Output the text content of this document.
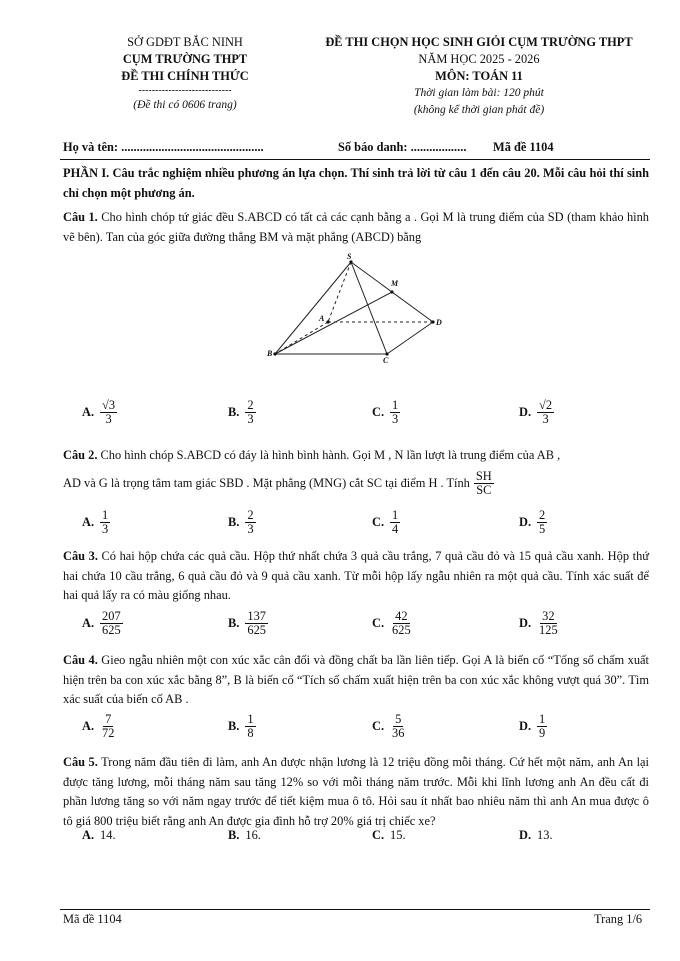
SỞ GDĐT BẮC NINH
CỤM TRƯỜNG THPT
ĐỀ THI CHÍNH THỨC
----------------------------
(Đề thi có 0606 trang)
ĐỀ THI CHỌN HỌC SINH GIỎI CỤM TRƯỜNG THPT
NĂM HỌC 2025 - 2026
MÔN: TOÁN 11
Thời gian làm bài: 120 phút
(không kể thời gian phát đề)
Họ và tên: ..............................................	Số báo danh: .................. Mã đề 1104
PHẦN I. Câu trắc nghiệm nhiều phương án lựa chọn. Thí sinh trả lời từ câu 1 đến câu 20. Mỗi câu hỏi thí sinh chỉ chọn một phương án.
Câu 1. Cho hình chóp tứ giác đều S.ABCD có tất cả các cạnh bằng a . Gọi M là trung điểm của SD (tham khảo hình vẽ bên). Tan của góc giữa đường thẳng BM và mặt phẳng (ABCD) bằng
S
M
A	D
B
C
A. $\frac{√3}{3}$	B. $\frac{2}{3}$	C. $\frac{1}{3}$	D. $\frac{√2}{3}$
Câu 2. Cho hình chóp S.ABCD có đáy là hình bình hành. Gọi M , N lần lượt là trung điểm của AB ,
AD và G là trọng tâm tam giác SBD . Mặt phẳng (MNG) cắt SC tại điểm H . Tính $\frac{SH}{SC}$
A. $\frac{1}{3}$	B. $\frac{2}{3}$	C. $\frac{1}{4}$	D. $\frac{2}{5}$
Câu 3. Có hai hộp chứa các quả cầu. Hộp thứ nhất chứa 3 quả cầu trắng, 7 quả cầu đỏ và 15 quả cầu xanh. Hộp thứ hai chứa 10 cầu trắng, 6 quả cầu đỏ và 9 quả cầu xanh. Từ mỗi hộp lấy ngẫu nhiên ra một quả cầu. Tính xác suất để hai quả lấy ra có màu giống nhau.
A. $\frac{207}{625}$	B. $\frac{137}{625}$	C. $\frac{42}{625}$	D. $\frac{32}{125}$
Câu 4. Gieo ngẫu nhiên một con xúc xắc cân đối và đồng chất ba lần liên tiếp. Gọi A là biến cố “Tổng số chấm xuất hiện trên ba con xúc xắc bằng 8”, B là biến cố “Tích số chấm xuất hiện trên ba con xúc xắc không vượt quá 30”. Tìm xác suất của biến cố AB .
A. $\frac{7}{72}$	B. $\frac{1}{8}$	C. $\frac{5}{36}$	D. $\frac{1}{9}$
Câu 5. Trong năm đầu tiên đi làm, anh An được nhận lương là 12 triệu đồng mỗi tháng. Cứ hết một năm, anh An lại được tăng lương, mỗi tháng năm sau tăng 12% so với mỗi tháng năm trước. Mỗi khi lĩnh lương anh An đều cất đi phần lương tăng so với năm ngay trước để tiết kiệm mua ô tô. Hỏi sau ít nhất bao nhiêu năm thì anh An mua được ô tô giá 800 triệu biết rằng anh An được gia đình hỗ trợ 20% giá trị chiếc xe?
A. 14.	B. 16.	C. 15.	D. 13.
Mã đề 1104	Trang 1/6
